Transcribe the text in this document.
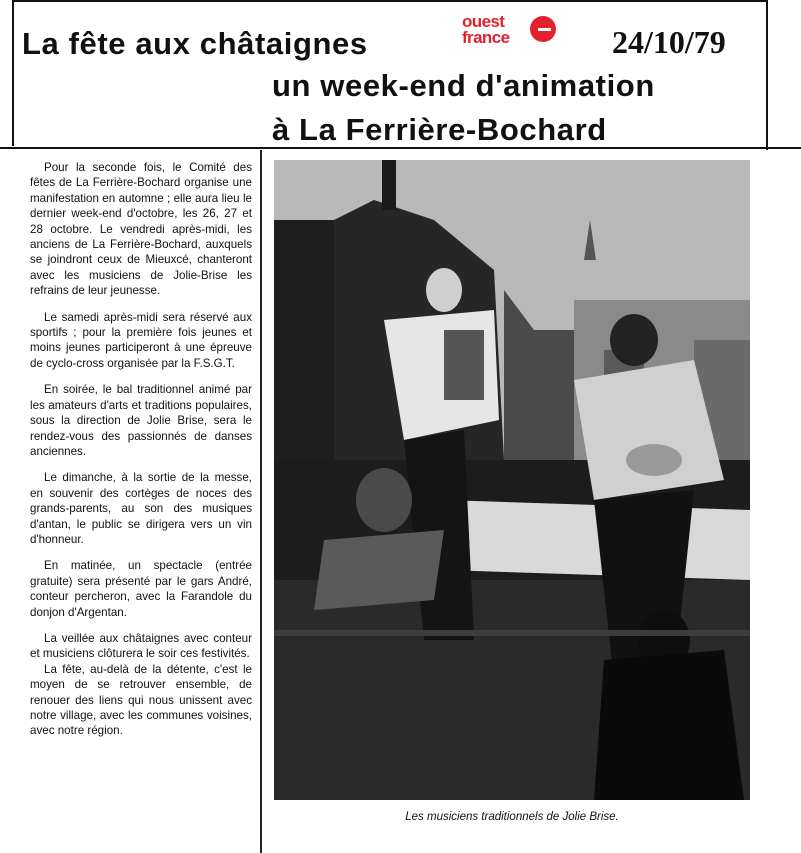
La fête aux châtaignes
un week-end d'animation
à La Ferrière-Bochard
ouest
france	24/10/79

Pour la seconde fois, le Comité des fêtes de La Ferrière-Bochard organise une manifestation en automne ; elle aura lieu le dernier week-end d'octobre, les 26, 27 et 28 octobre. Le vendredi après-midi, les anciens de La Ferrière-Bochard, auxquels se joindront ceux de Mieuxcé, chanteront avec les musiciens de Jolie-Brise les refrains de leur jeunesse.

Le samedi après-midi sera réservé aux sportifs ; pour la première fois jeunes et moins jeunes participeront à une épreuve de cyclo-cross organisée par la F.S.G.T.

En soirée, le bal traditionnel animé par les amateurs d'arts et traditions populaires, sous la direction de Jolie Brise, sera le rendez-vous des passionnés de danses anciennes.

Le dimanche, à la sortie de la messe, en souvenir des cortèges de noces des grands-parents, au son des musiques d'antan, le public se dirigera vers un vin d'honneur.

En matinée, un spectacle (entrée gratuite) sera présenté par le gars André, conteur percheron, avec la Farandole du donjon d'Argentan.

La veillée aux châtaignes avec conteur et musiciens clôturera le soir ces festivités.

La fête, au-delà de la détente, c'est le moyen de se retrouver ensemble, de renouer des liens qui nous unissent avec notre village, avec les communes voisines, avec notre région.

Les musiciens traditionnels de Jolie Brise.
